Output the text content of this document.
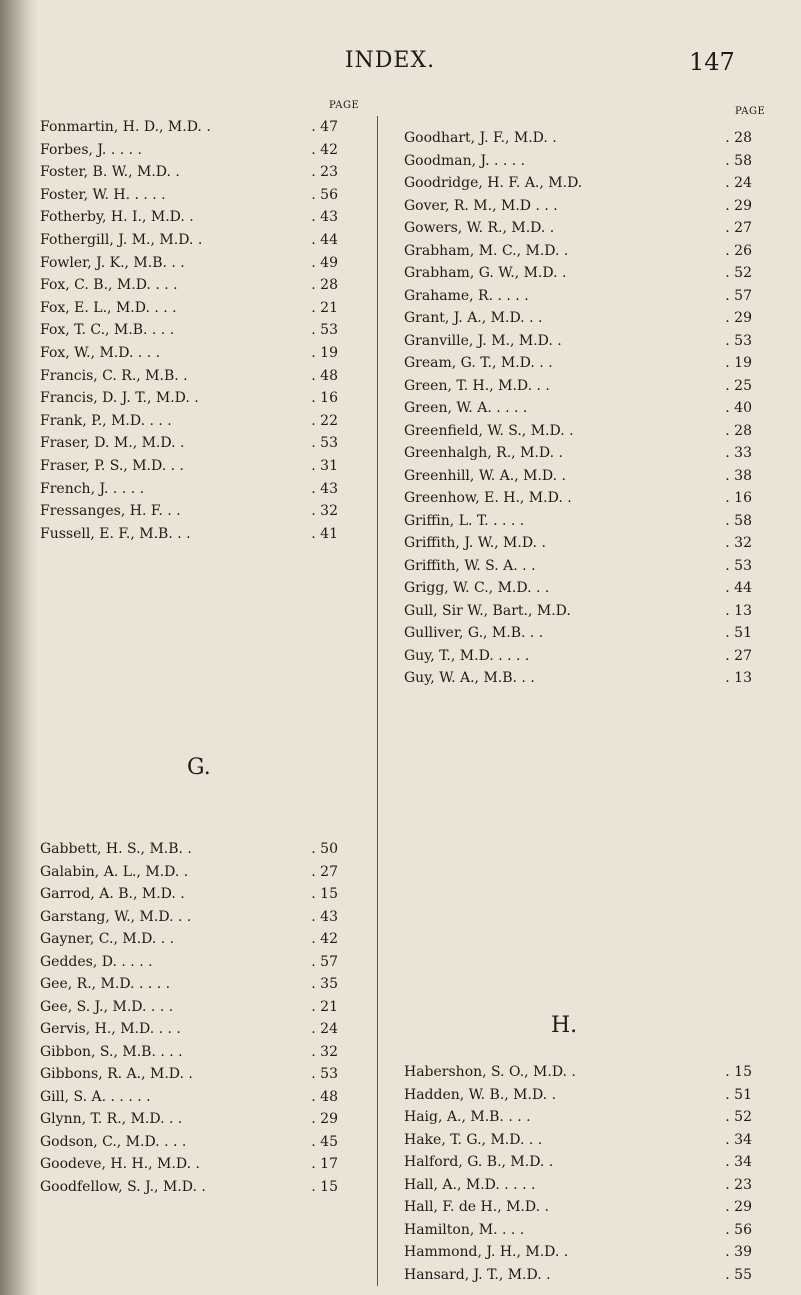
INDEX.	147
PAGE
PAGE
Fonmartin, H. D., M.D. .	. 47
Forbes, J. . . . .	. 42
Foster, B. W., M.D. .	. 23
Foster, W. H. . . . .	. 56
Fotherby, H. I., M.D. .	. 43
Fothergill, J. M., M.D. .	. 44
Fowler, J. K., M.B. . .	. 49
Fox, C. B., M.D. . . .	. 28
Fox, E. L., M.D. . . .	. 21
Fox, T. C., M.B. . . .	. 53
Fox, W., M.D. . . .	. 19
Francis, C. R., M.B. .	. 48
Francis, D. J. T., M.D. .	. 16
Frank, P., M.D. . . .	. 22
Fraser, D. M., M.D. .	. 53
Fraser, P. S., M.D. . .	. 31
French, J. . . . .	. 43
Fressanges, H. F. . .	. 32
Fussell, E. F., M.B. . .	. 41
G.
Gabbett, H. S., M.B. .	. 50
Galabin, A. L., M.D. .	. 27
Garrod, A. B., M.D. .	. 15
Garstang, W., M.D. . .	. 43
Gayner, C., M.D. . .	. 42
Geddes, D. . . . .	. 57
Gee, R., M.D. . . . .	. 35
Gee, S. J., M.D. . . .	. 21
Gervis, H., M.D. . . .	. 24
Gibbon, S., M.B. . . .	. 32
Gibbons, R. A., M.D. .	. 53
Gill, S. A. . . . . .	. 48
Glynn, T. R., M.D. . .	. 29
Godson, C., M.D. . . .	. 45
Goodeve, H. H., M.D. .	. 17
Goodfellow, S. J., M.D. .	. 15
Goodhart, J. F., M.D. .	. 28
Goodman, J. . . . .	. 58
Goodridge, H. F. A., M.D.	. 24
Gover, R. M., M.D . . .	. 29
Gowers, W. R., M.D. .	. 27
Grabham, M. C., M.D. .	. 26
Grabham, G. W., M.D. .	. 52
Grahame, R. . . . .	. 57
Grant, J. A., M.D. . .	. 29
Granville, J. M., M.D. .	. 53
Gream, G. T., M.D. . .	. 19
Green, T. H., M.D. . .	. 25
Green, W. A. . . . .	. 40
Greenfield, W. S., M.D. .	. 28
Greenhalgh, R., M.D. .	. 33
Greenhill, W. A., M.D. .	. 38
Greenhow, E. H., M.D. .	. 16
Griffin, L. T. . . . .	. 58
Griffith, J. W., M.D. .	. 32
Griffith, W. S. A. . .	. 53
Grigg, W. C., M.D. . .	. 44
Gull, Sir W., Bart., M.D.	. 13
Gulliver, G., M.B. . .	. 51
Guy, T., M.D. . . . .	. 27
Guy, W. A., M.B. . .	. 13
H.
Habershon, S. O., M.D. .	. 15
Hadden, W. B., M.D. .	. 51
Haig, A., M.B. . . .	. 52
Hake, T. G., M.D. . .	. 34
Halford, G. B., M.D. .	. 34
Hall, A., M.D. . . . .	. 23
Hall, F. de H., M.D. .	. 29
Hamilton, M. . . .	. 56
Hammond, J. H., M.D. .	. 39
Hansard, J. T., M.D. .	. 55
